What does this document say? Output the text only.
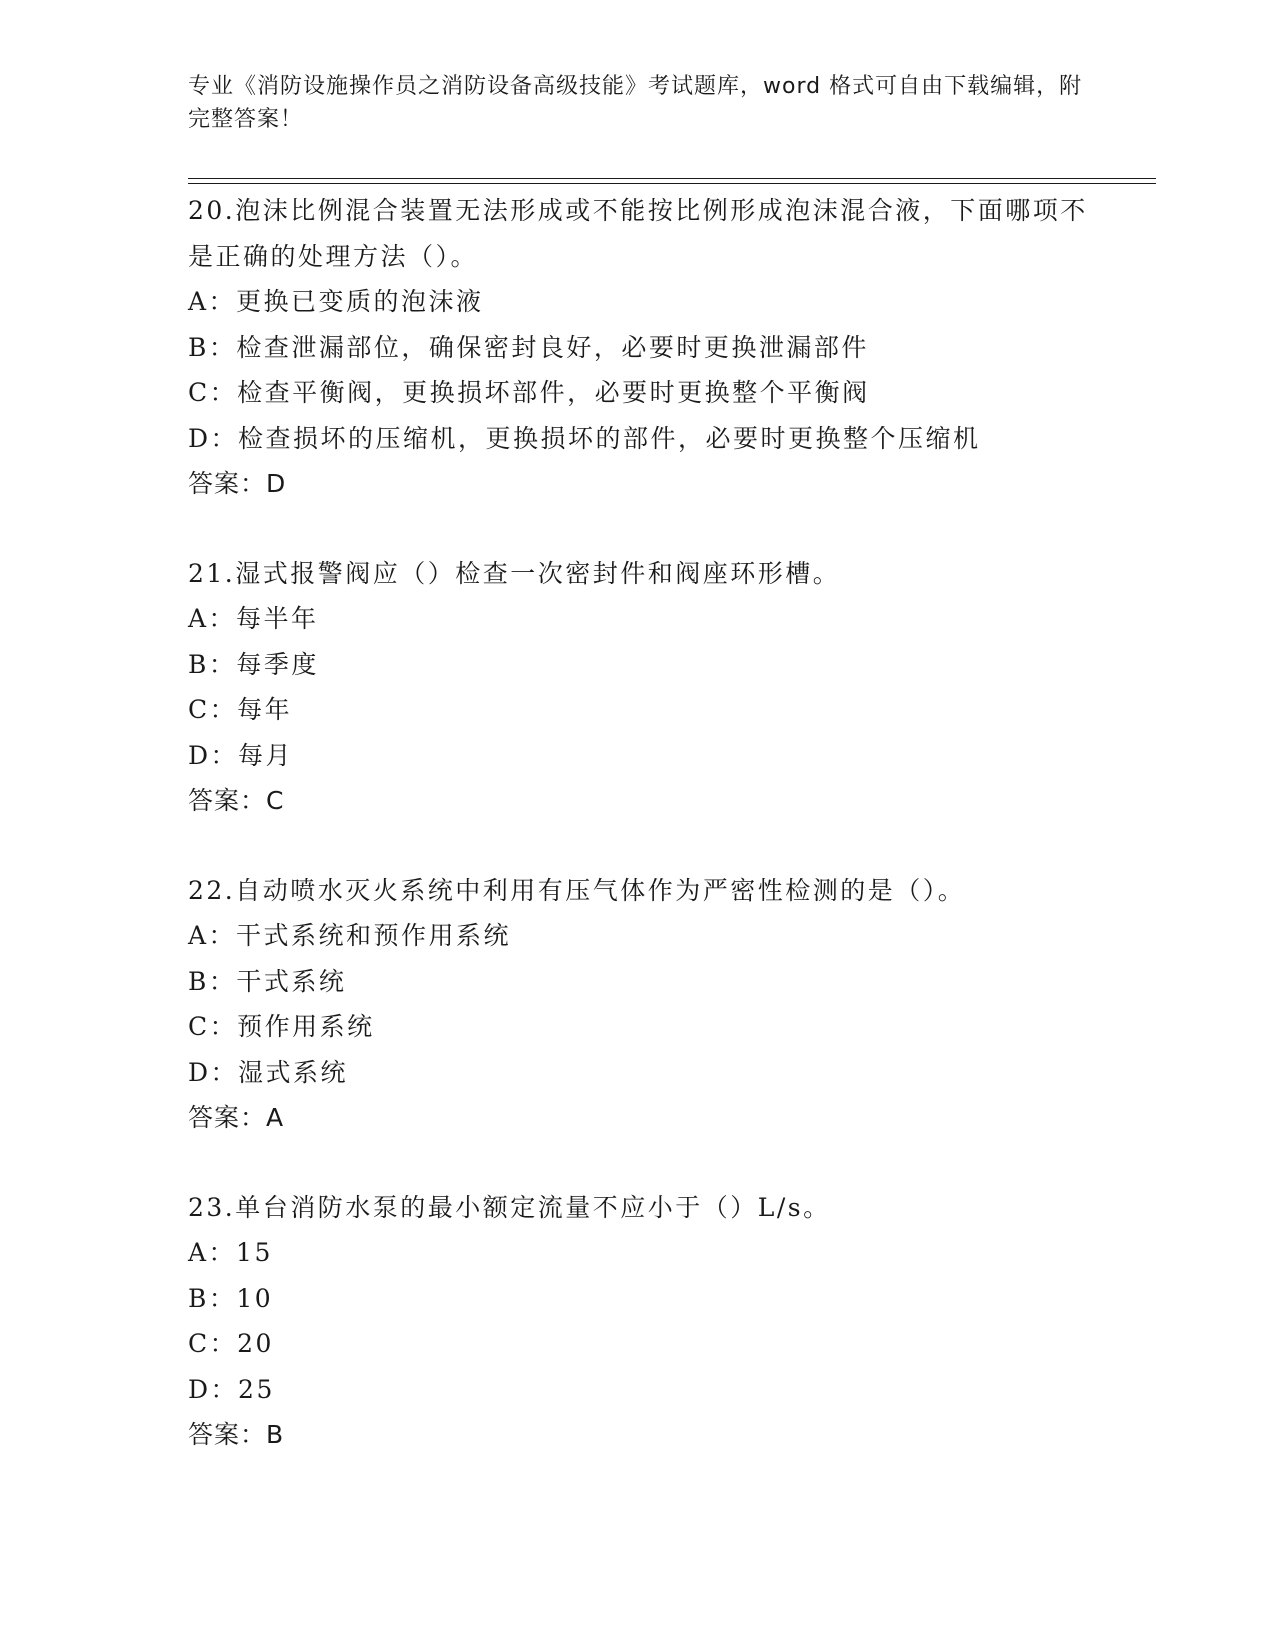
专业《消防设施操作员之消防设备高级技能》考试题库，word 格式可自由下载编辑，附完整答案！
20.泡沫比例混合装置无法形成或不能按比例形成泡沫混合液，下面哪项不是正确的处理方法（）。
A：更换已变质的泡沫液
B：检查泄漏部位，确保密封良好，必要时更换泄漏部件
C：检查平衡阀，更换损坏部件，必要时更换整个平衡阀
D：检查损坏的压缩机，更换损坏的部件，必要时更换整个压缩机
答案：D
21.湿式报警阀应（）检查一次密封件和阀座环形槽。
A：每半年
B：每季度
C：每年
D：每月
答案：C
22.自动喷水灭火系统中利用有压气体作为严密性检测的是（）。
A：干式系统和预作用系统
B：干式系统
C：预作用系统
D：湿式系统
答案：A
23.单台消防水泵的最小额定流量不应小于（）L/s。
A：15
B：10
C：20
D：25
答案：B
